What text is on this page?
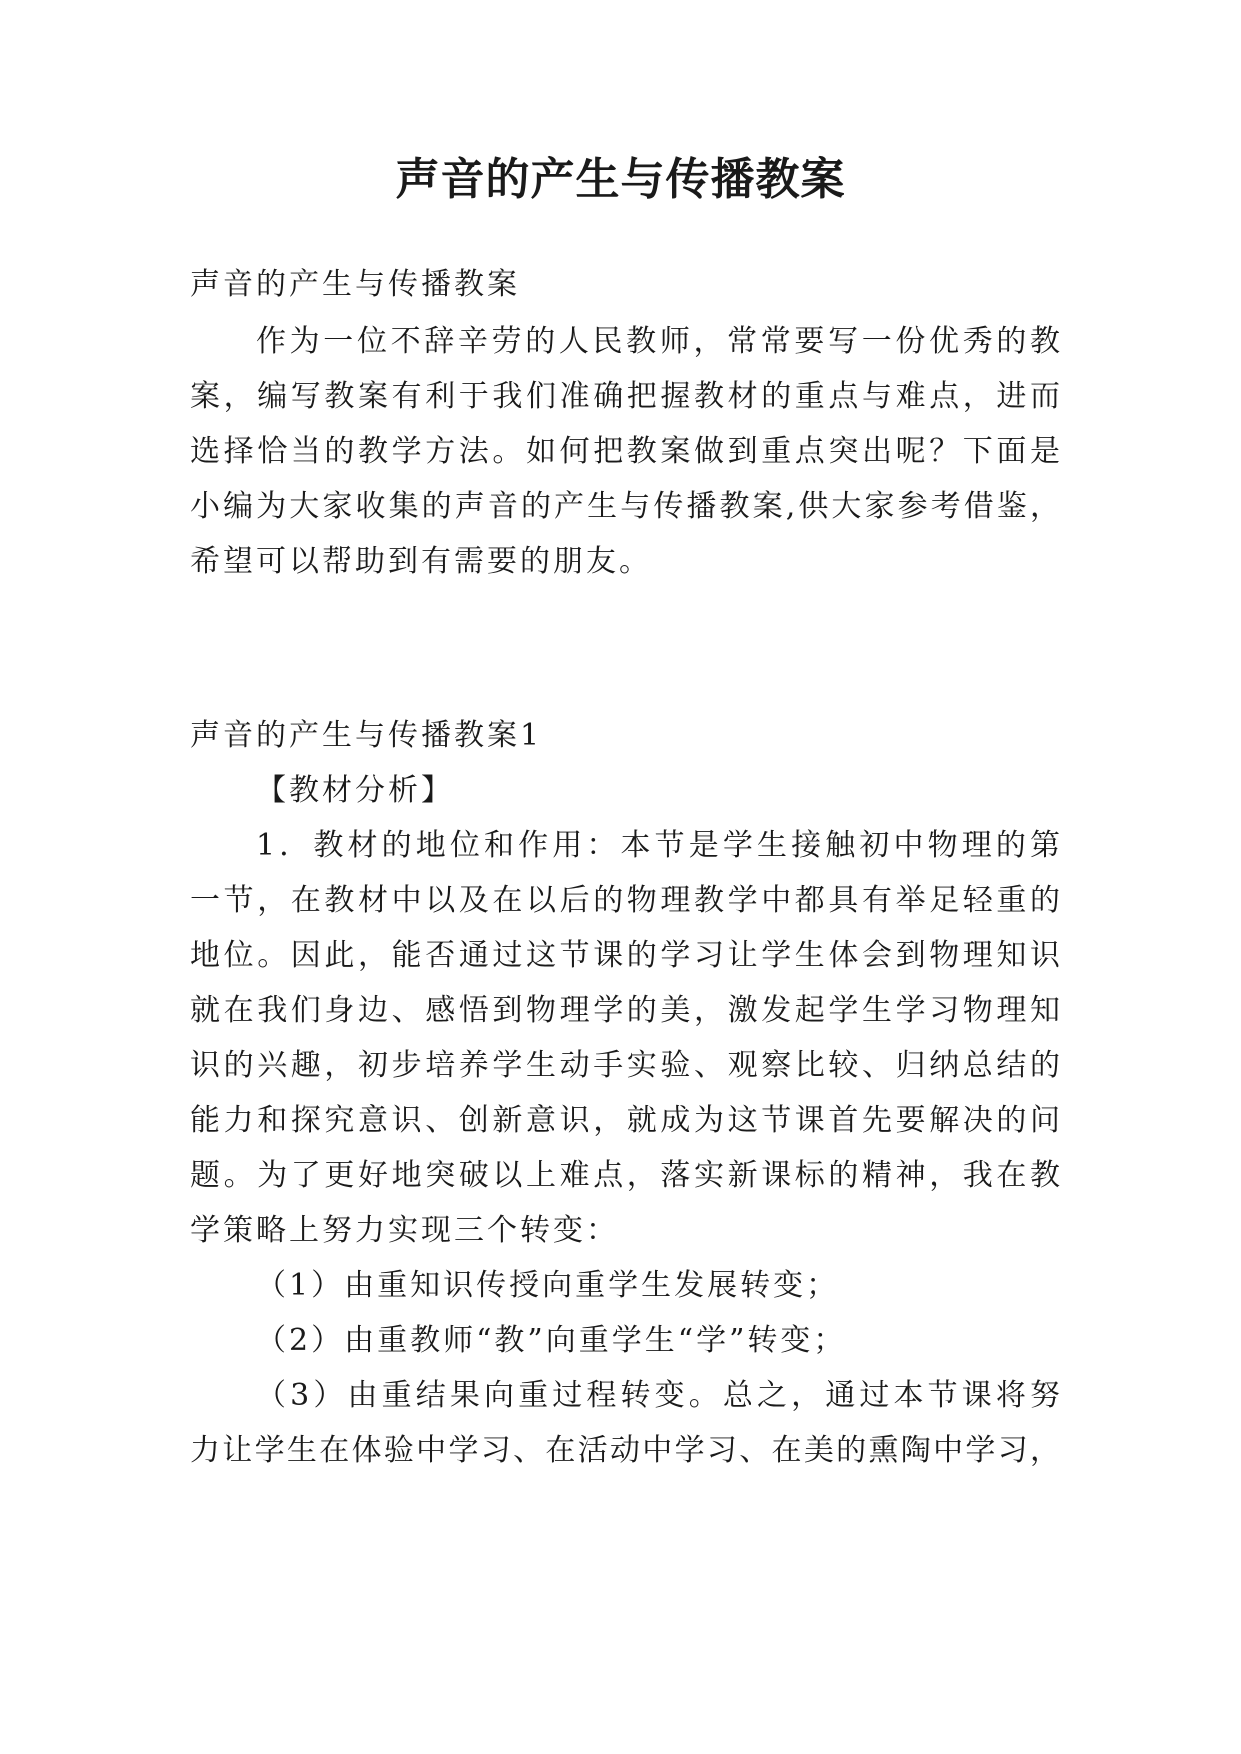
声音的产生与传播教案
声音的产生与传播教案
作为一位不辞辛劳的人民教师，常常要写一份优秀的教
案，编写教案有利于我们准确把握教材的重点与难点，进而
选择恰当的教学方法。如何把教案做到重点突出呢？下面是
小编为大家收集的声音的产生与传播教案,供大家参考借鉴，
希望可以帮助到有需要的朋友。
声音的产生与传播教案1
【教材分析】
1．教材的地位和作用：本节是学生接触初中物理的第
一节，在教材中以及在以后的物理教学中都具有举足轻重的
地位。因此，能否通过这节课的学习让学生体会到物理知识
就在我们身边、感悟到物理学的美，激发起学生学习物理知
识的兴趣，初步培养学生动手实验、观察比较、归纳总结的
能力和探究意识、创新意识，就成为这节课首先要解决的问
题。为了更好地突破以上难点，落实新课标的精神，我在教
学策略上努力实现三个转变：
（1）由重知识传授向重学生发展转变；
（2）由重教师“教”向重学生“学”转变；
（3）由重结果向重过程转变。总之，通过本节课将努
力让学生在体验中学习、在活动中学习、在美的熏陶中学习，
